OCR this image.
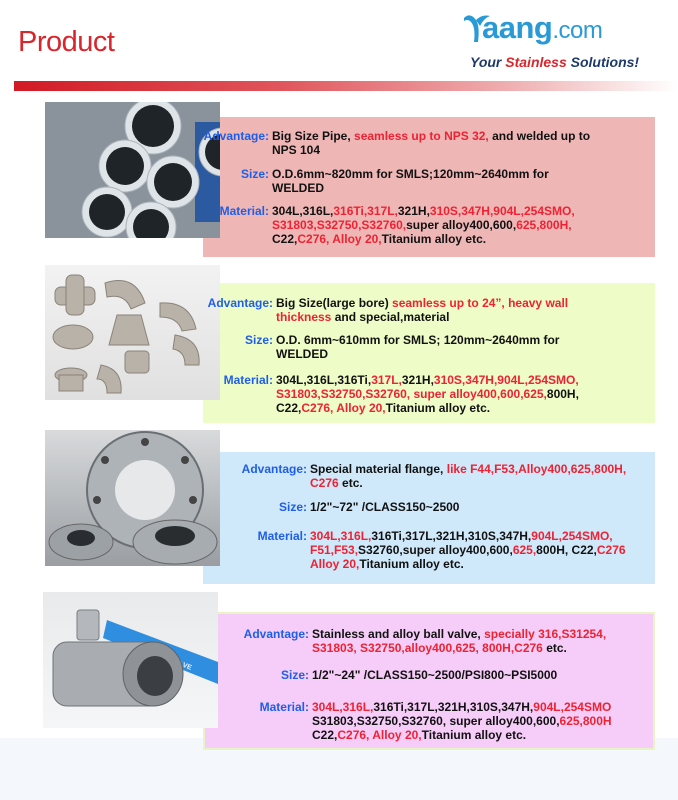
Product	aang.com
Your Stainless Solutions!
Advantage: Big Size Pipe, seamless up to NPS 32, and welded up to
NPS 104
Size: O.D.6mm~820mm for SMLS;120mm~2640mm for
WELDED
Material: 304L,316L,316Ti,317L,321H,310S,347H,904L,254SMO,
S31803,S32750,S32760,super alloy400,600,625,800H,
C22,C276, Alloy 20,Titanium alloy etc.
Advantage: Big Size(large bore) seamless up to 24”, heavy wall
thickness and special,material
Size: O.D. 6mm~610mm for SMLS; 120mm~2640mm for
WELDED
Material: 304L,316L,316Ti,317L,321H,310S,347H,904L,254SMO,
S31803,S32750,S32760, super alloy400,600,625,800H,
C22,C276, Alloy 20,Titanium alloy etc.
Advantage: Special material flange, like F44,F53,Alloy400,625,800H,
C276 etc.
Size: 1/2"~72" /CLASS150~2500
Material: 304L,316L,316Ti,317L,321H,310S,347H,904L,254SMO,
F51,F53,S32760,super alloy400,600,625,800H, C22,C276
Alloy 20,Titanium alloy etc.
Advantage: Stainless and alloy ball valve, specially 316,S31254,
S31803, S32750,alloy400,625, 800H,C276 etc.
Size: 1/2"~24" /CLASS150~2500/PSI800~PSI5000
Material: 304L,316L,316Ti,317L,321H,310S,347H,904L,254SMO
S31803,S32750,S32760, super alloy400,600,625,800H
C22,C276, Alloy 20,Titanium alloy etc.
